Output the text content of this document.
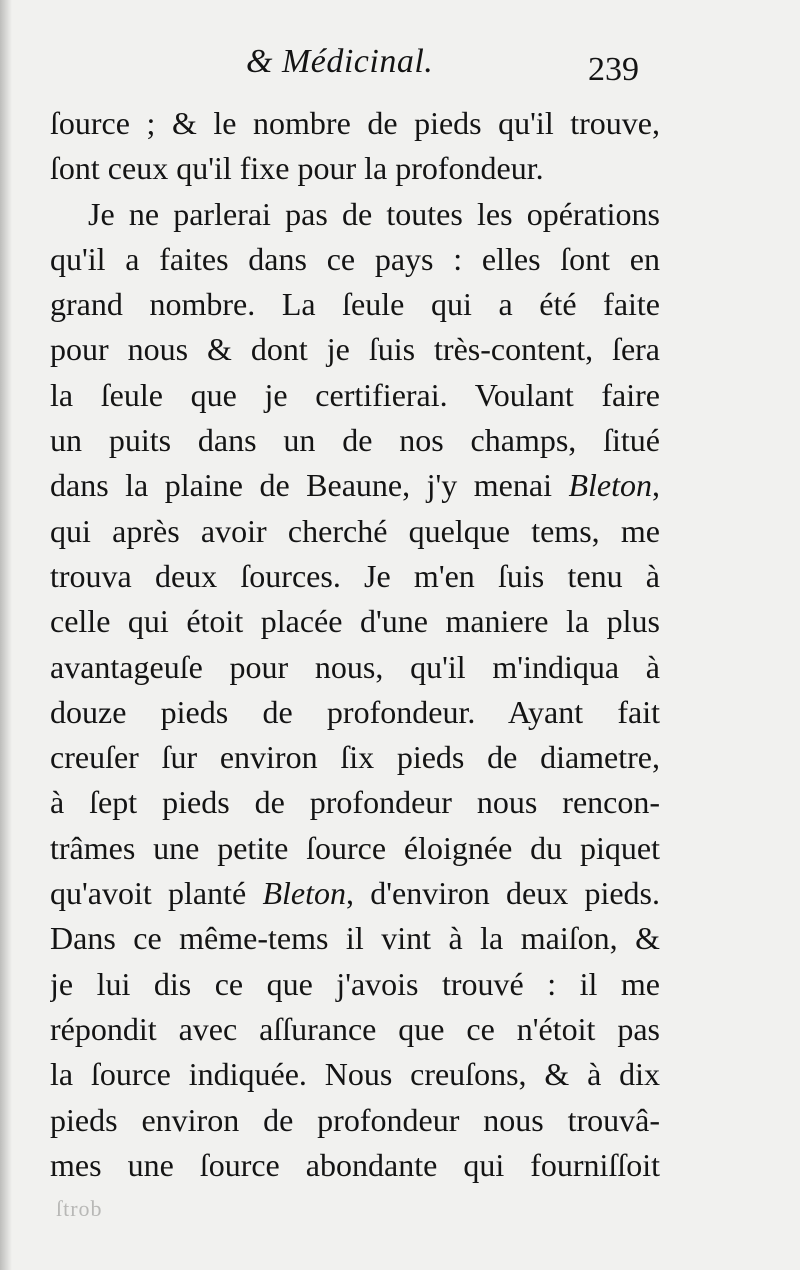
& Médicinal.	239
ſource ; & le nombre de pieds qu'il trouve,
ſont ceux qu'il fixe pour la profondeur.
Je ne parlerai pas de toutes les opérations
qu'il a faites dans ce pays : elles ſont en
grand nombre. La ſeule qui a été faite
pour nous & dont je ſuis très-content, ſera
la ſeule que je certifierai. Voulant faire
un puits dans un de nos champs, ſitué
dans la plaine de Beaune, j'y menai Bleton,
qui après avoir cherché quelque tems, me
trouva deux ſources. Je m'en ſuis tenu à
celle qui étoit placée d'une maniere la plus
avantageuſe pour nous, qu'il m'indiqua à
douze pieds de profondeur. Ayant fait
creuſer ſur environ ſix pieds de diametre,
à ſept pieds de profondeur nous rencon-
trâmes une petite ſource éloignée du piquet
qu'avoit planté Bleton, d'environ deux pieds.
Dans ce même-tems il vint à la maiſon, &
je lui dis ce que j'avois trouvé : il me
répondit avec aſſurance que ce n'étoit pas
la ſource indiquée. Nous creuſons, & à dix
pieds environ de profondeur nous trouvâ-
mes une ſource abondante qui fourniſſoit
ſtrob
